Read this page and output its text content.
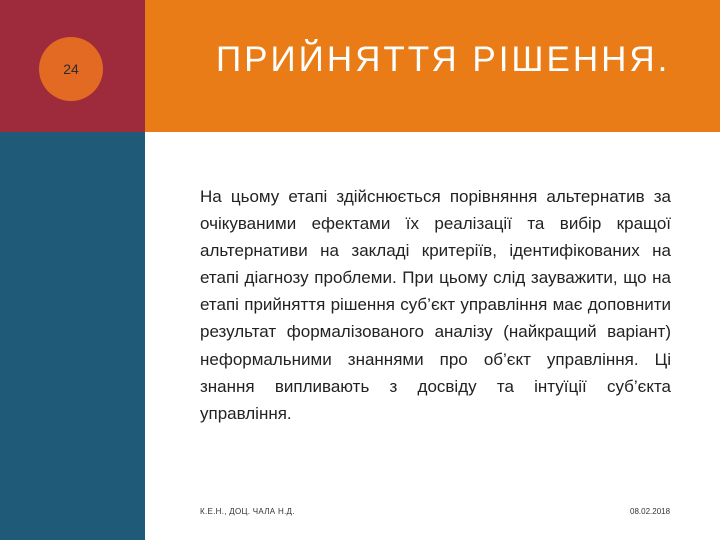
24	ПРИЙНЯТТЯ РІШЕННЯ.

На цьому етапі здійснюється порівняння альтернатив за очікуваними ефектами їх реалізації та вибір кращої альтернативи на закладі критеріїв, ідентифікованих на етапі діагнозу проблеми. При цьому слід зауважити, що на етапі прийняття рішення суб’єкт управління має доповнити результат формалізованого аналізу (найкращий варіант) неформальними знаннями про об’єкт управління. Ці знання випливають з досвіду та інтуїції суб’єкта управління.

К.Е.Н., ДОЦ. ЧАЛА Н.Д.	08.02.2018
